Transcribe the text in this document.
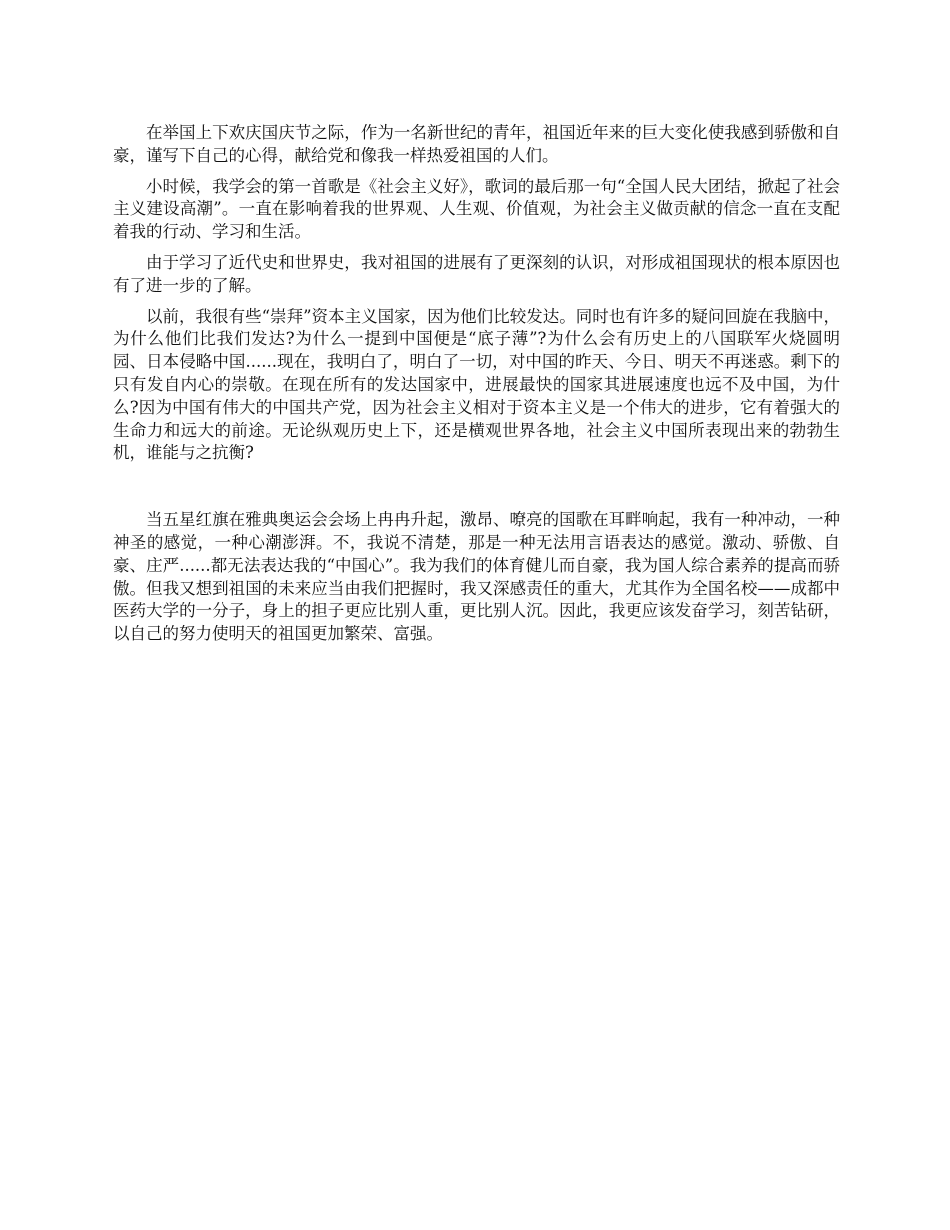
在举国上下欢庆国庆节之际，作为一名新世纪的青年，祖国近年来的巨大变化使我感到骄傲和自豪，谨写下自己的心得，献给党和像我一样热爱祖国的人们。

小时候，我学会的第一首歌是《社会主义好》，歌词的最后那一句“全国人民大团结，掀起了社会主义建设高潮”。一直在影响着我的世界观、人生观、价值观，为社会主义做贡献的信念一直在支配着我的行动、学习和生活。

由于学习了近代史和世界史，我对祖国的进展有了更深刻的认识，对形成祖国现状的根本原因也有了进一步的了解。

以前，我很有些“崇拜”资本主义国家，因为他们比较发达。同时也有许多的疑问回旋在我脑中，为什么他们比我们发达?为什么一提到中国便是“底子薄”?为什么会有历史上的八国联军火烧圆明园、日本侵略中国......现在，我明白了，明白了一切，对中国的昨天、今日、明天不再迷惑。剩下的只有发自内心的崇敬。在现在所有的发达国家中，进展最快的国家其进展速度也远不及中国，为什么?因为中国有伟大的中国共产党，因为社会主义相对于资本主义是一个伟大的进步，它有着强大的生命力和远大的前途。无论纵观历史上下，还是横观世界各地，社会主义中国所表现出来的勃勃生机，谁能与之抗衡?

当五星红旗在雅典奥运会会场上冉冉升起，激昂、嘹亮的国歌在耳畔响起，我有一种冲动，一种神圣的感觉，一种心潮澎湃。不，我说不清楚，那是一种无法用言语表达的感觉。激动、骄傲、自豪、庄严......都无法表达我的“中国心”。我为我们的体育健儿而自豪，我为国人综合素养的提高而骄傲。但我又想到祖国的未来应当由我们把握时，我又深感责任的重大，尤其作为全国名校——成都中医药大学的一分子，身上的担子更应比别人重，更比别人沉。因此，我更应该发奋学习，刻苦钻研，以自己的努力使明天的祖国更加繁荣、富强。
